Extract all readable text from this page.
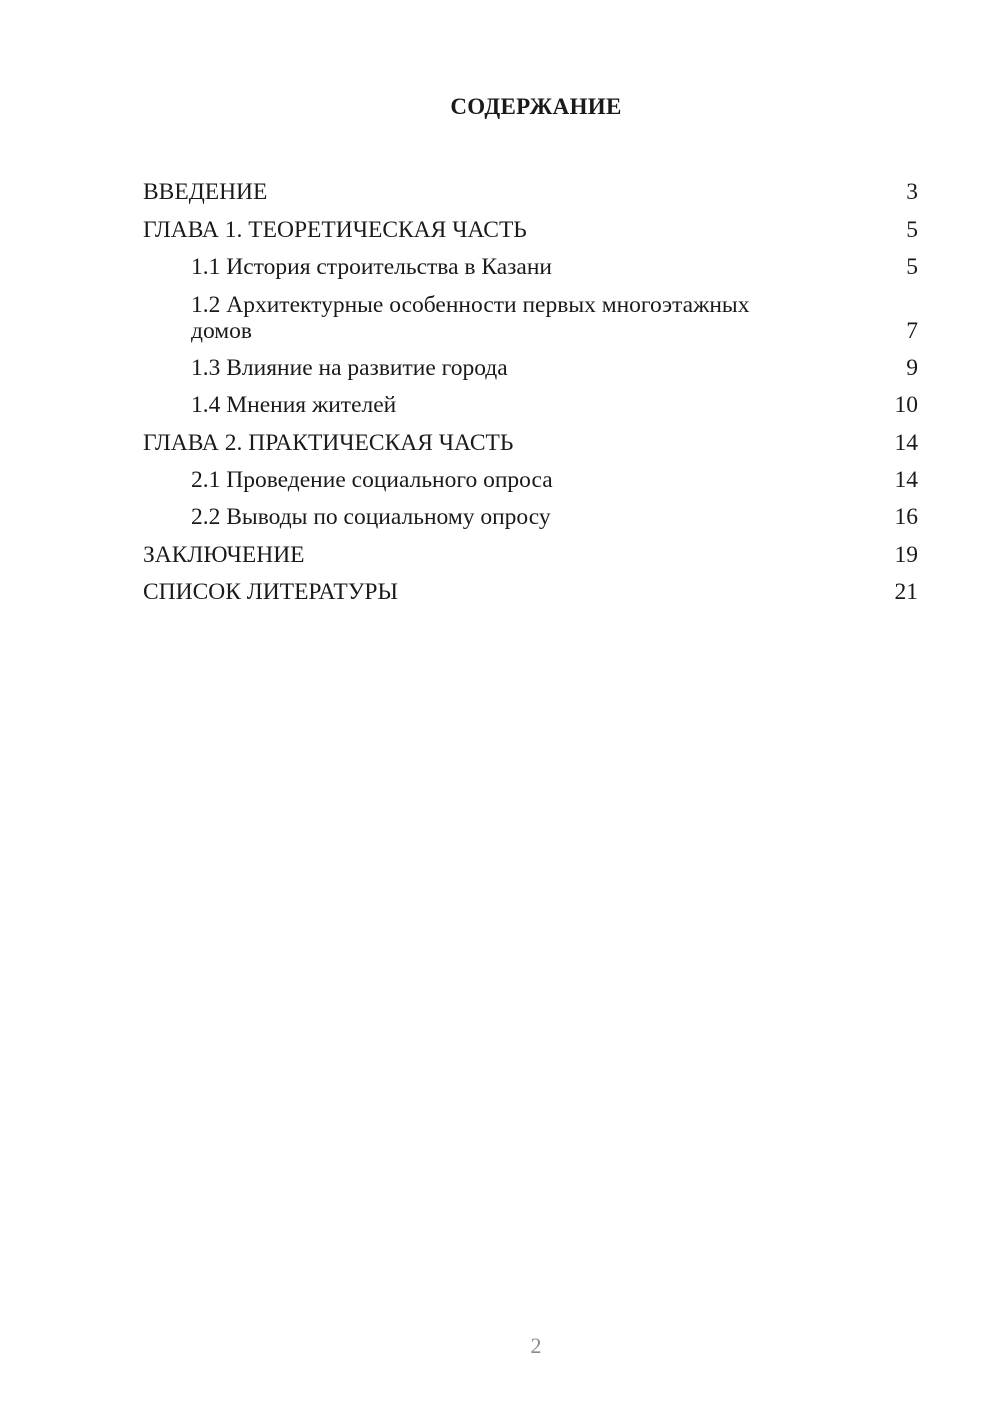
СОДЕРЖАНИЕ
ВВЕДЕНИЕ	3
ГЛАВА 1. ТЕОРЕТИЧЕСКАЯ ЧАСТЬ	5
1.1 История строительства в Казани	5
1.2 Архитектурные особенности первых многоэтажных домов	7
1.3 Влияние на развитие города	9
1.4 Мнения жителей	10
ГЛАВА 2. ПРАКТИЧЕСКАЯ ЧАСТЬ	14
2.1 Проведение социального опроса	14
2.2 Выводы по социальному опросу	16
ЗАКЛЮЧЕНИЕ	19
СПИСОК ЛИТЕРАТУРЫ	21
2
